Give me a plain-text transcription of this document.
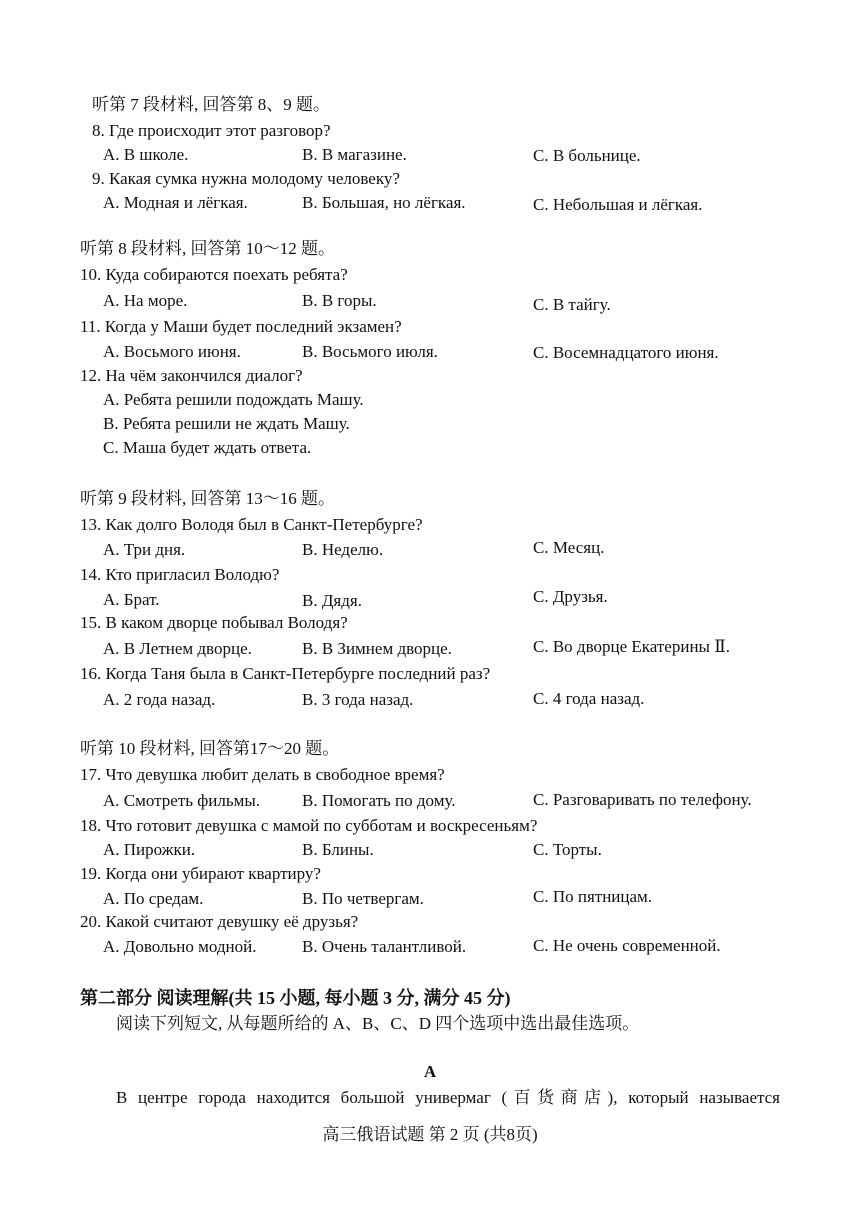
听第 7 段材料, 回答第 8、9 题。
8. Где происходит этот разговор?
A. В школе.	B. В магазине.	C. В больнице.
9. Какая сумка нужна молодому человеку?
A. Модная и лёгкая.	B. Большая, но лёгкая.	C. Небольшая и лёгкая.
听第 8 段材料, 回答第 10～12 题。
10. Куда собираются поехать ребята?
A. На море.	B. В горы.	C. В тайгу.
11. Когда у Маши будет последний экзамен?
A. Восьмого июня.	B. Восьмого июля.	C. Восемнадцатого июня.
12. На чём закончился диалог?
A. Ребята решили подождать Машу.
B. Ребята решили не ждать Машу.
C. Маша будет ждать ответа.
听第 9 段材料, 回答第 13～16 题。
13. Как долго Володя был в Санкт-Петербурге?
A. Три дня.	B. Неделю.	C. Месяц.
14. Кто пригласил Володю?
A. Брат.	B. Дядя.	C. Друзья.
15. В каком дворце побывал Володя?
A. В Летнем дворце.	B. В Зимнем дворце.	C. Во дворце Екатерины Ⅱ.
16. Когда Таня была в Санкт-Петербурге последний раз?
A. 2 года назад.	B. 3 года назад.	C. 4 года назад.
听第 10 段材料, 回答第17～20 题。
17. Что девушка любит делать в свободное время?
A. Смотреть фильмы. B. Помогать по дому.	C. Разговаривать по телефону.
18. Что готовит девушка с мамой по субботам и воскресеньям?
A. Пирожки.	B. Блины.	C. Торты.
19. Когда они убирают квартиру?
A. По средам.	B. По четвергам.	C. По пятницам.
20. Какой считают девушку её друзья?
A. Довольно модной.	B. Очень талантливой.	C. Не очень современной.
第二部分 阅读理解(共 15 小题, 每小题 3 分, 满分 45 分)
阅读下列短文, 从每题所给的 A、B、C、D 四个选项中选出最佳选项。
A
В центре города находится большой универмаг (百货商店), который называется
高三俄语试题 第 2 页 (共8页)
